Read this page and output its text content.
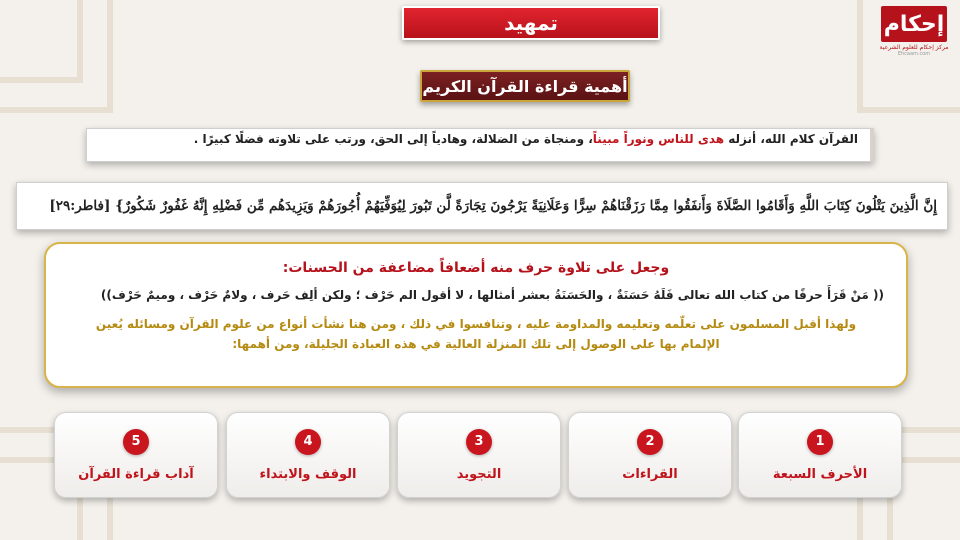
تمهيد	إحكام
مركز إحكام للعلوم الشرعية
Ehcaam.com
أهمية قراءة القرآن الكريم
القرآن كلام الله، أنزله هدى للناس ونوراً مبيناً، ومنجاة من الضلالة، وهادياً إلى الحق، ورتب على تلاوته فضلًا كبيرًا .
إِنَّ الَّذِينَ يَتْلُونَ كِتَابَ اللَّهِ وَأَقَامُوا الصَّلَاةَ وَأَنفَقُوا مِمَّا رَزَقْنَاهُمْ سِرًّا وَعَلَانِيَةً يَرْجُونَ تِجَارَةً لَّن تَبُورَ لِيُوَفِّيَهُمْ أُجُورَهُمْ وَيَزِيدَهُم مِّن فَضْلِهِ إِنَّهُ غَفُورٌ شَكُورٌ} [فاطر:٢٩]
وجعل على تلاوة حرف منه أضعافاً مضاعفة من الحسنات:
(( مَنْ قَرَأَ حرفًا من كتاب الله تعالى فَلَهُ حَسَنَةٌ ، والحَسَنَةُ بعشر أمثالها ، لا أقول الم حَرْف ؛ ولكن ألِف حَرف ، ولامٌ حَرْف ، وميمٌ حَرْف))
ولهذا أقبل المسلمون على تعلّمه وتعليمه والمداومة عليه ، وتنافسوا في ذلك ، ومن هنا نشأت أنواع من علوم القرآن ومسائله يُعين
الإلمام بها على الوصول إلى تلك المنزلة العالية في هذه العبادة الجليلة، ومن أهمها:
1
الأحرف السبعة
2
القراءات
3
التجويد
4
الوقف والابتداء
5
آداب قراءة القرآن
